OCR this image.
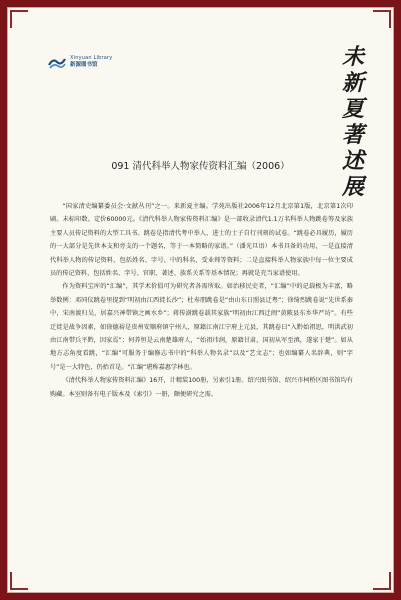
Xinyuan Library
新源图书馆	未
新
夏
著
述
展
091 清代科举人物家传资料汇编（2006）

“国家清史编纂委员会·文献丛刊”之一。来新夏主编。学苑出版社2006年12月北京第1版，北京第1次印刷。未标印数。定价60000元。《清代科举人物家传资料汇编》是一部收录清代1.1万名科举人物跳卷筹及家族主要人员传记资料的大型工具书。跳卷是指清代考中举人、进士的士子自行刊刻的试卷。“跳卷必具履历，履历的一大部分是先世本支和旁支的一个题名，等于一本简略的家谱。”（潘光旦语）本书具备的功用，一是直接清代科举人物的传记资料，包括姓名、字号、中的科名、受业师等资料；二是直接科举人物家族中每一位主要成员的传记资料，包括姓名、字号、官职、著述、族系关系等基本情况；再就是充当家谱使用。

作为资料宝库的“汇编”，其学术价值可为研究者各需所取。如治移民史者，“汇编”中的记载极为丰富，略举数例：邓同仪跳卷里提到“明初由江西徙长沙”；杜寿朋跳卷是“由山东日照县迁粤”；徐绮烈跳卷说“先世系秦中，宋南渡归吴，居嘉兴神带镇之画水乡”；蒋传澍跳卷载其家族“明初由江西迁闽”黄陂县东乡华严坊”。有些迁徙是战争因素，如徐德裕是贵州安顺府镇宁州人，原籍江南江宁府上元县，其跳卷曰“入黔始祖思，明洪武初由江南带兵平黔，因家焉”；何养恒是云南楚雄府人，“始祖讳润，原籍甘肃，国初从军至滇，遂家于楚”。如从地方志角度看跳，“汇编”可服务于编修志书中的“科举人物名录”以及“艺文志”；也如编纂人名辞典，则“字号”是一大特色，仍抬首是。“汇编”堪称嘉惠学林也。

《清代科举人物家传资料汇编》16开，计精装100册，另索引1册。绍兴图书馆、绍兴市柯桥区图书馆均有购藏。本室则备有电子版本及《索引》一册，颇便研究之需。
